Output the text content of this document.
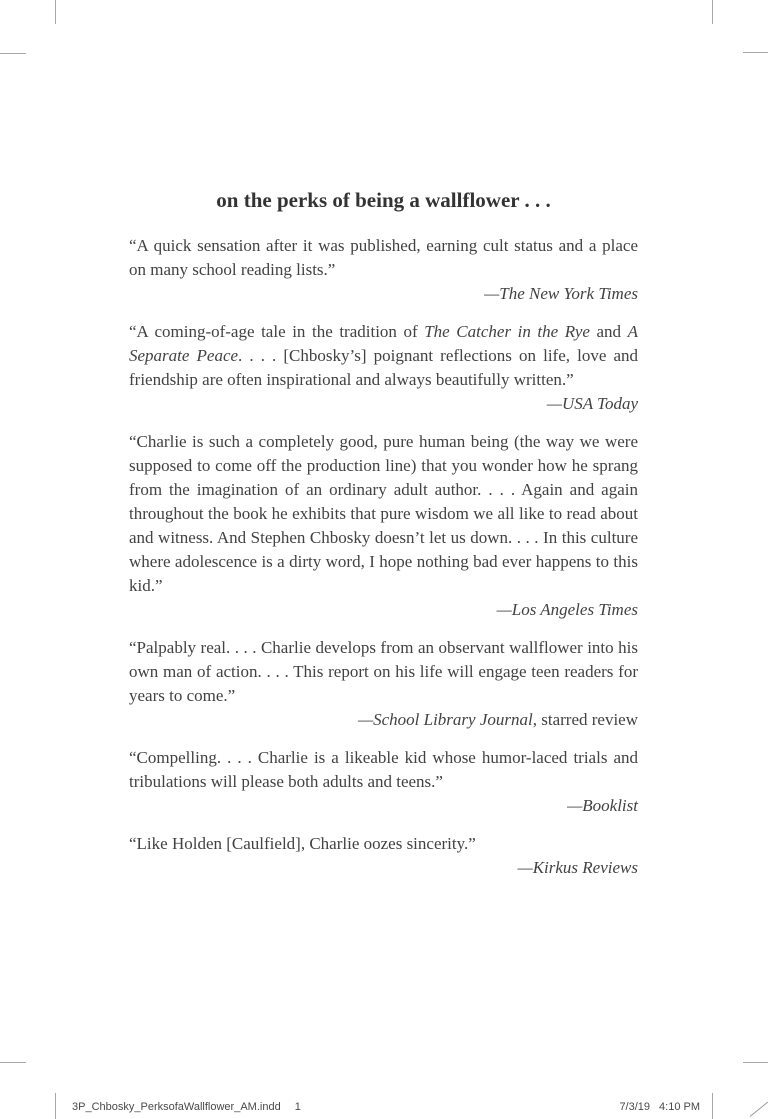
on the perks of being a wallflower . . .

“A quick sensation after it was published, earning cult status and a place on many school reading lists.”

—The New York Times

“A coming-of-age tale in the tradition of The Catcher in the Rye and A Separate Peace. . . . [Chbosky’s] poignant reflections on life, love and friendship are often inspirational and always beautifully written.”

—USA Today

“Charlie is such a completely good, pure human being (the way we were supposed to come off the production line) that you wonder how he sprang from the imagination of an ordinary adult author. . . . Again and again throughout the book he exhibits that pure wisdom we all like to read about and witness. And Stephen Chbosky doesn’t let us down. . . . In this culture where adolescence is a dirty word, I hope nothing bad ever happens to this kid.”

—Los Angeles Times

“Palpably real. . . . Charlie develops from an observant wallflower into his own man of action. . . . This report on his life will engage teen readers for years to come.”

—School Library Journal, starred review

“Compelling. . . . Charlie is a likeable kid whose humor-laced trials and tribulations will please both adults and teens.”

—Booklist

“Like Holden [Caulfield], Charlie oozes sincerity.”

—Kirkus Reviews

3P_Chbosky_PerksofaWallflower_AM.indd 1	7/3/19 4:10 PM
